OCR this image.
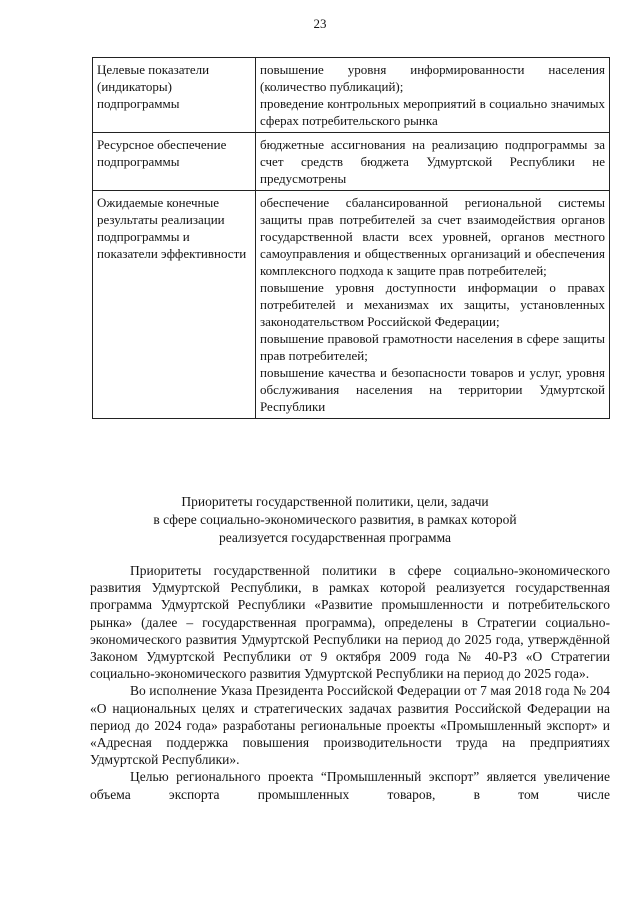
23
Целевые показатели (индикаторы) подпрограммы	повышение уровня информированности населения (количество публикаций);

проведение контрольных мероприятий в социально значимых сферах потребительского рынка

Ресурсное обеспечение подпрограммы	бюджетные ассигнования на реализацию подпрограммы за счет средств бюджета Удмуртской Республики не предусмотрены

Ожидаемые конечные результаты реализации подпрограммы и показатели эффективности	обеспечение сбалансированной региональной системы защиты прав потребителей за счет взаимодействия органов государственной власти всех уровней, органов местного самоуправления и общественных организаций и обеспечения комплексного подхода к защите прав потребителей;

повышение уровня доступности информации о правах потребителей и механизмах их защиты, установленных законодательством Российской Федерации;

повышение правовой грамотности населения в сфере защиты прав потребителей;

повышение качества и безопасности товаров и услуг, уровня обслуживания населения на территории Удмуртской Республики

Приоритеты государственной политики, цели, задачи
в сфере социально-экономического развития, в рамках которой
реализуется государственная программа

Приоритеты государственной политики в сфере социально-экономического развития Удмуртской Республики, в рамках которой реализуется государственная программа Удмуртской Республики «Развитие промышленности и потребительского рынка» (далее – государственная программа), определены в Стратегии социально-экономического развития Удмуртской Республики на период до 2025 года, утверждённой Законом Удмуртской Республики от 9 октября 2009 года № 40-РЗ «О Стратегии социально-экономического развития Удмуртской Республики на период до 2025 года».

Во исполнение Указа Президента Российской Федерации от 7 мая 2018 года № 204 «О национальных целях и стратегических задачах развития Российской Федерации на период до 2024 года» разработаны региональные проекты «Промышленный экспорт» и «Адресная поддержка повышения производительности труда на предприятиях Удмуртской Республики».

Целью регионального проекта “Промышленный экспорт” является увеличение объема экспорта промышленных товаров, в том числе
